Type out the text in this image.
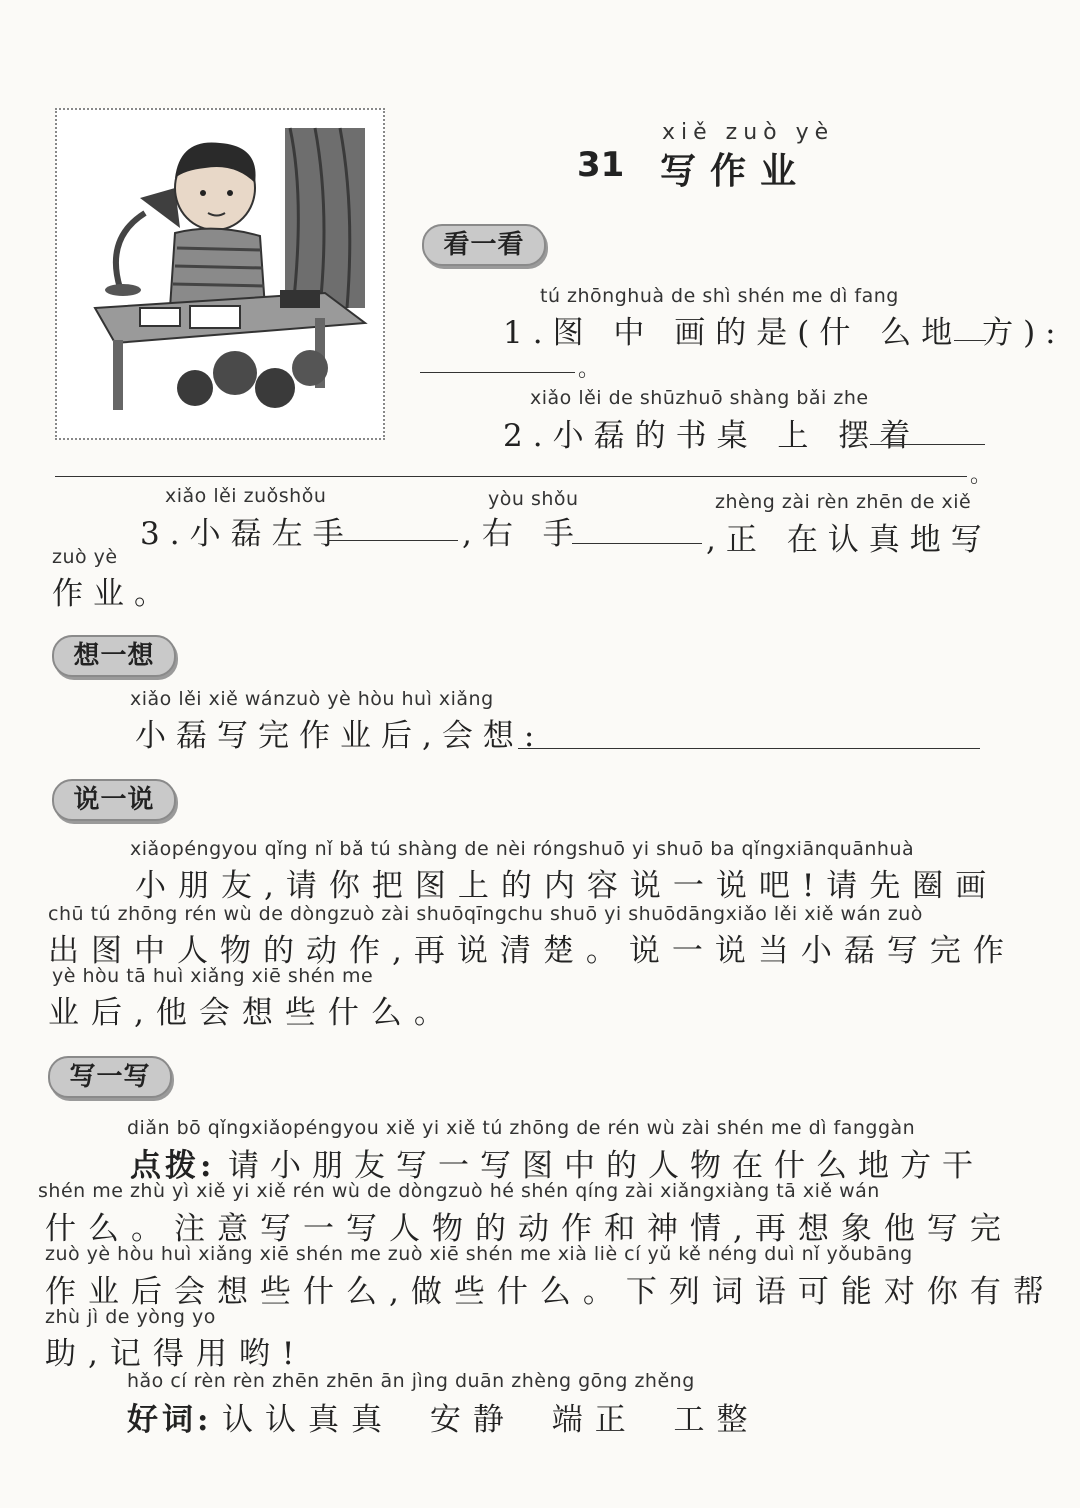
xiě zuò yè
31 写作业
看一看
tú zhōnghuà de shì shén me dì fang
1.图 中 画的是(什 么地 方):
。
xiǎo lěi de shūzhuō shàng bǎi zhe
2.小磊的书桌 上 摆着
。
xiǎo lěi zuǒshǒu
3.小磊左手
yòu shǒu
,右 手
zhèng zài rèn zhēn de xiě
,正 在认真地写
zuò yè
作业。
想一想
xiǎo lěi xiě wánzuò yè hòu huì xiǎng
小磊写完作业后,会想:
说一说
xiǎopéngyou qǐng nǐ bǎ tú shàng de nèi róngshuō yi shuō ba qǐngxiānquānhuà
小朋友,请你把图上的内容说一说吧!请先圈画
chū tú zhōng rén wù de dòngzuò zài shuōqīngchu shuō yi shuōdāngxiǎo lěi xiě wán zuò
出图中人物的动作,再说清楚。说一说当小磊写完作
yè hòu tā huì xiǎng xiē shén me
业后,他会想些什么。
写一写
diǎn bō qǐngxiǎopéngyou xiě yi xiě tú zhōng de rén wù zài shén me dì fanggàn
点拨: 请小朋友写一写图中的人物在什么地方干
shén me zhù yì xiě yi xiě rén wù de dòngzuò hé shén qíng zài xiǎngxiàng tā xiě wán
什么。注意写一写人物的动作和神情,再想象他写完
zuò yè hòu huì xiǎng xiē shén me zuò xiē shén me xià liè cí yǔ kě néng duì nǐ yǒubāng
作业后会想些什么,做些什么。下列词语可能对你有帮
zhù jì de yòng yo
助,记得用哟!
hǎo cí rèn rèn zhēn zhēn ān jìng duān zhèng gōng zhěng
好词: 认认真真 安静 端正 工整
